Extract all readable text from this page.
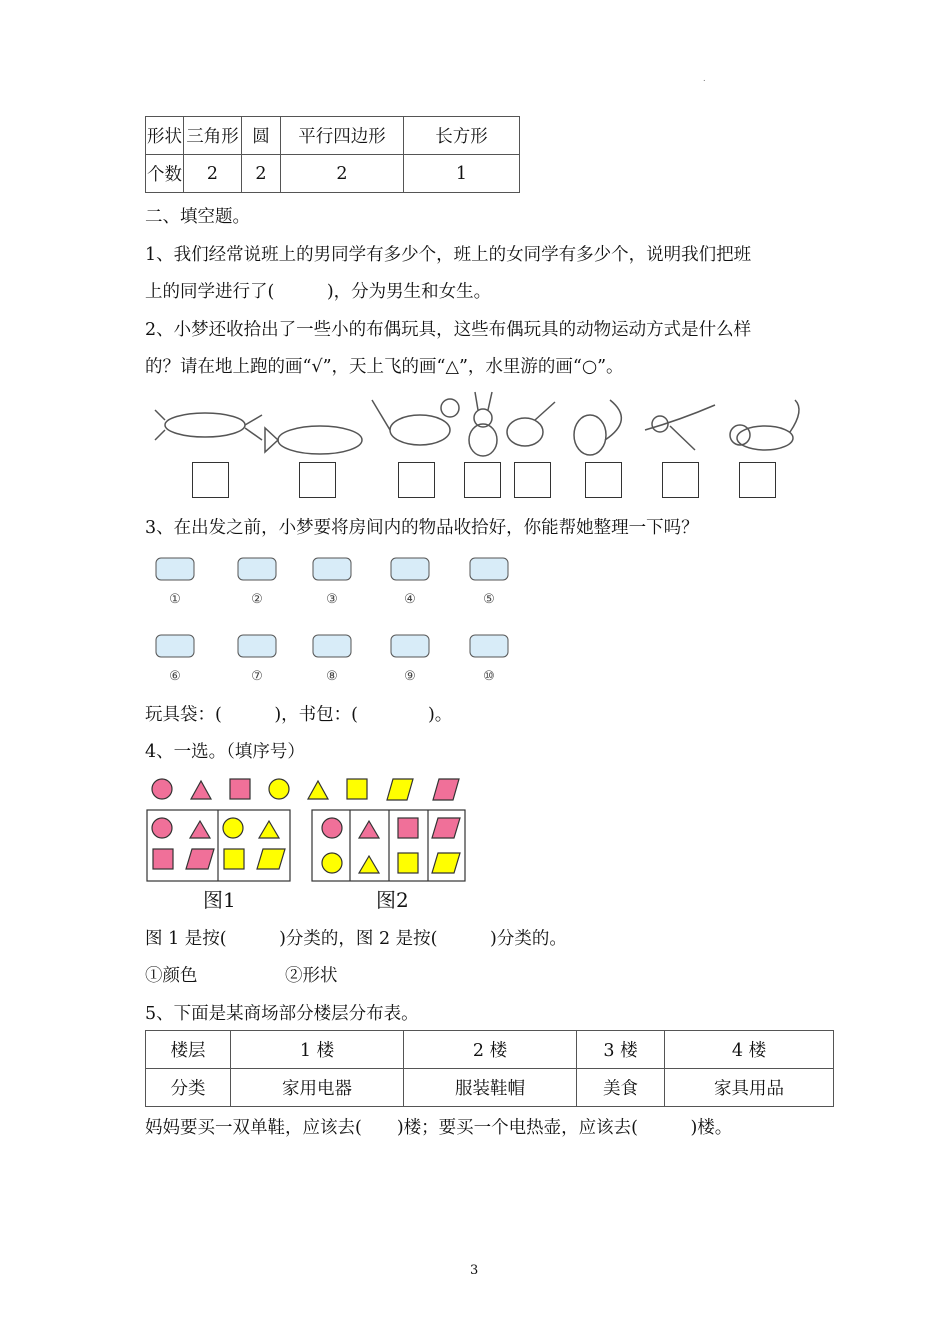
.
形状	三角形	圆	平行四边形	长方形
个数	2	2	2	1
二、填空题。
1、我们经常说班上的男同学有多少个，班上的女同学有多少个，说明我们把班
上的同学进行了(　　　)，分为男生和女生。
2、小梦还收拾出了一些小的布偶玩具，这些布偶玩具的动物运动方式是什么样
的？请在地上跑的画“√”，天上飞的画“△”，水里游的画“○”。
3、在出发之前，小梦要将房间内的物品收拾好，你能帮她整理一下吗？
①	②	③	④	⑤
⑥	⑦	⑧	⑨	⑩
玩具袋：(　　　)，书包：(　　　　)。
4、一选。（填序号）
图1	图2
图 1 是按(　　　)分类的，图 2 是按(　　　)分类的。
①颜色　　　　　②形状
5、下面是某商场部分楼层分布表。
楼层	1 楼	2 楼	3 楼	4 楼
分类	家用电器	服装鞋帽	美食	家具用品
妈妈要买一双单鞋，应该去(　　)楼；要买一个电热壶，应该去(　　　)楼。
3
